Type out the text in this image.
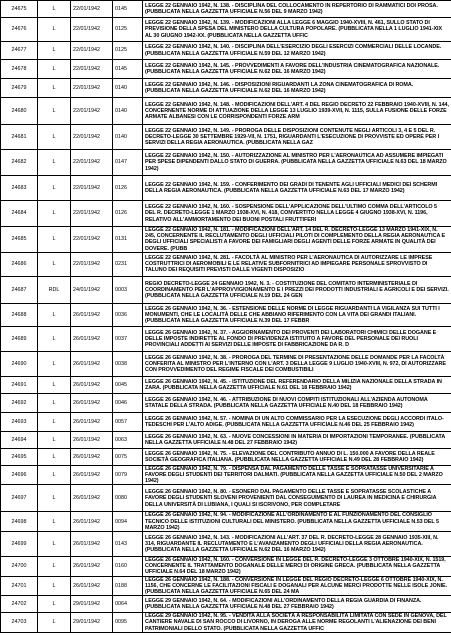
24675	L	22/01/1942	0145	LEGGE 22 GENNAIO 1942, N. 138. - DISCIPLINA DEL COLLOCAMENTO IN REPERTORIO DI RAMMATICI DOI PROSA. (PUBBLICATA NELLA GAZZETTA UFFICIALE N.56 DEL 9 MARZO 1942)
24676	L	22/01/1942	0125	LEGGE 22 GENNAIO 1942, N. 139. - MODIFICAZIONI ALLA LEGGE 6 MAGGIO 1940-XVIII, N. 461, SULLO STATO DI PREVISIONE DELLA SPESA DEL MINISTERO DELLA CULTURA POPOLARE. (PUBBLICATA NELLA 1 LUGLIO 1941-XIX AL 30 GIUGNO 1942-XX. (PUBBLICATA NELLA GAZZETTA UFFIC
24677	L	22/01/1942	0125	LEGGE 22 GENNAIO 1942, N. 140. - DISCIPLINA DELL'ESERCIZIO DEGLI ESERCIZI COMMERCIALI DELLE LOCANDE. (PUBBLICATA NELLA GAZZETTA UFFICIALE N.59 DEL 12 MARZO 1942)
24678	L	22/01/1942	0145	LEGGE 22 GENNAIO 1942, N. 145. - PROVVEDIMENTI A FAVORE DELL'INDUSTRIA CINEMATOGRAFICA NAZIONALE. (PUBBLICATA NELLA GAZZETTA UFFICIALE N.62 DEL 16 MARZO 1942)
24679	L	22/01/1942	0140	LEGGE 22 GENNAIO 1942, N. 146. - DISPOSIZIONI RIGUARDANTI LA ZONA CINEMATOGRAFICA DI ROMA. (PUBBLICATA NELLA GAZZETTA UFFICIALE N.62 DEL 16 MARZO 1942)
24680	L	22/01/1942	0140	LEGGE 22 GENNAIO 1942, N. 148. - MODIFICAZIONI DELL'ART. 4 DEL REGIO DECRETO 22 FEBBRAIO 1940-XVIII, N. 144, CONCERNENTE NORME DI ATTUAZIONE DELLA LEGGE 13 LUGLIO 1939-XVII, N. 1115, SULLA FUSIONE DELLE FORZE ARMATE ALBANESI CON LE CORRISPONDENTI FORZE ARM
24681	L	22/01/1942	0140	LEGGE 22 GENNAIO 1942, N. 149. - PROROGA DELLE DISPOSIZIONI CONTENUTE NEGLI ARTICOLI 3, 4 E 5 DEL R. DECRETO-LEGGE 30 SETTEMBRE 1929-VII, N. 1751, RIGUARDANTI L'ESECUZIONE DI PROVVISTE ED OPERE PER I SERVIZI DELLA REGIA AERONAUTICA. (PUBBLICATA NELLA GAZ
24682	L	22/01/1942	0147	LEGGE 22 GENNAIO 1942, N. 150. - AUTORIZZAZIONE AL MINISTRO PER L'AERONAUTICA AD ASSUMERE IMPIEGATI PER SPESE DIPENDENTI DALLO STATO DI GUERRA. (PUBBLICATA NELLA GAZZETTA UFFICIALE N.63 DEL 18 MARZO 1942)
24683	L	22/01/1942	0126	LEGGE 22 GENNAIO 1942, N. 159. - CONFERIMENTO DEI GRADI DI TENENTE AGLI UFFICIALI MEDICI DEI SCHERMI DELLA REGIA AERONAUTICA. (PUBBLICATA NELLA GAZZETTA UFFICIALE N.63 DEL 17 MARZO 1942)
24684	L	22/01/1942	0126	LEGGE 22 GENNAIO 1942, N. 160. - SOSPENSIONE DELL'APPLICAZIONE DELL'ULTIMO COMMA DELL'ARTICOLO 5 DEL R. DECRETO-LEGGE 1 MARZO 1938-XVI, N. 418, CONVERTITO NELLA LEGGE 4 GIUGNO 1938-XVI, N. 1196, RELATIVO ALL'AMMORTAMENTO DEI BUONI POSTALI FRUTTIFERI
24685	L	22/01/1942	0131	LEGGE 22 GENNAIO 1942, N. 181. - MODIFICAZIONI DELL'ART. 14 DEL R. DECRETO-LEGGE 13 MARZO 1941-XIX, N. 245, CONCERNENTE IL RECLUTAMENTO DEGLI UFFICIALI PILOTI DI COMPLEMENTO DELLA REGIA AERONAUTICA E DEGLI UFFICIALI SPECIALISTI A FAVORE DEI FAMIGLIARI DEGLI AGENTI DELLE FORZE ARMATE IN QUALITÀ DEI DOVERE. (PUBB
24686	L	22/01/1942	0231	LEGGE 22 GENNAIO 1942, N. 281. - FACOLTÀ AL MINISTRO PER L'AERONAUTICA DI AUTORIZZARE LE IMPRESE COSTRUTTRICI DI AEROMOBILI E LE RELATIVE SUBFORNITRICI AD IMPIEGARE PERSONALE SPROVVISTO DI TALUNO DEI REQUISITI PREVISTI DALLE VIGENTI DISPOSIZIO
24687	RDL	24/01/1942	0003	REGIO DECRETO-LEGGE 24 GENNAIO 1942, N. 3. - COSTITUZIONE DEL COMITATO INTERMINISTERIALE DI COORDINAMENTO PER L'APPROVVIGIONAMENTO E I PREZZI DEI PRODOTTI INDUSTRIALI E AGRICOLI E DEI SERVIZI. (PUBBLICATA NELLA GAZZETTA UFFICIALE N.19 DEL 24 GEN
24688	L	26/01/1942	0036	LEGGE 26 GENNAIO 1942, N. 36. - ESTENSIONE DELLE NORME DI LEGGE RIGUARDANTI LA VIGILANZA SUI TUTTI I MONUMENTI, CHE LE LOCALITÀ DELLE CHE ABBIANO RIFERIMENTO CON LA VITA DEI GRANDI ITALIANI. (PUBBLICATA NELLA GAZZETTA UFFICIALE N.39 DEL 17 FEBBR
24689	L	26/01/1942	0037	LEGGE 26 GENNAIO 1942, N. 37. - AGGIORNAMENTO DEI PROVENTI DEI LABORATORI CHIMICI DELLE DOGANE E DELLE IMPOSTE INDIRETTE AL FONDO DI PREVIDENZA ISTITUITO A FAVORE DEL PERSONALE DEI RUOLI PROVINCIALI ADDETTI AI SERVIZI DELLE IMPOSTE DI FABBRICAZIONE DA R. D
24690	L	26/01/1942	0038	LEGGE 26 GENNAIO 1942, N. 38. - PROROGA DEL TERMINE DI PRESENTAZIONE DELLE DOMANDE PER LA FACOLTÀ CONFERITA AL MINISTRO PER L'INTERNO CON L'ART. 3 DELLA LEGGE 9 LUGLIO 1940-XVIII, N. 972, DI AUTORIZZARE CON PROVVEDIMENTO DEL REGIME FISCALE DEI COMBUSTIBILI
24691	L	26/01/1942	0045	LEGGE 26 GENNAIO 1942, N. 45. - ISTITUZIONE DEL REFERENDARIO DELLA MILIZIA NAZIONALE DELLA STRADA IN ZARA. (PUBBLICATA NELLA GAZZETTA UFFICIALE N.61 DEL 18 FEBBRAIO 1942)
24692	L	26/01/1942	0046	LEGGE 26 GENNAIO 1942, N. 46. - ATTRIBUZIONE DI NUOVI COMPITI ISTITUZIONALI ALL'AZIENDA AUTONOMA STATALE DELLA STRADA. (PUBBLICATA NELLA GAZZETTA UFFICIALE N.40 DEL 18 FEBBRAIO 1942)
24693	L	26/01/1942	0057	LEGGE 26 GENNAIO 1942, N. 57. - NOMINA DI UN ALTO COMMISSARIO PER LA ESECUZIONE DEGLI ACCORDI ITALO-TEDESCHI PER L'ALTO ADIGE. (PUBBLICATA NELLA GAZZETTA UFFICIALE N.46 DEL 25 FEBBRAIO 1942)
24694	L	26/01/1942	0063	LEGGE 26 GENNAIO 1942, N. 63. - NUOVE CONCESSIONI IN MATERIA DI IMPORTAZIONI TEMPORANEE. (PUBBLICATA NELLA GAZZETTA UFFICIALE N.48 DEL 27 FEBBRAIO 1942)
24695	L	26/01/1942	0075	LEGGE 26 GENNAIO 1942, N. 75. - ELEVAZIONE DEL CONTRIBUTO ANNUO DI L. 150.000 A FAVORE DELLA REALE SOCIETÀ GEOGRAFICA ITALIANA. (PUBBLICATA NELLA GAZZETTA UFFICIALE N.49 DEL 28 FEBBRAIO 1942)
24696	L	26/01/1942	0079	LEGGE 26 GENNAIO 1942, N. 79. - DISPENSA DAL PAGAMENTO DELLE TASSE E SOPRATASSE UNIVERSITARIE A FAVORE DEGLI STUDENTI DEI TERRITORI DALMATI. (PUBBLICATA NELLA GAZZETTA UFFICIALE N.50 DEL 2 MARZO 1942)
24697	L	26/01/1942	0080	LEGGE 26 GENNAIO 1942, N. 80. - ESONERO DAL PAGAMENTO DELLE TASSE E SOPRATASSE SCOLASTICHE A FAVORE DEGLI STUDENTI SLOVENI PROVENIENTI DAL CONSEGUIMENTO DI LAUREA IN MEDICINA E CHIRURGIA DELLA UNIVERSITÀ DI LUBIANA, I QUALI SI ISCRIVONO, PER COMPLETARE
24698	L	26/01/1942	0094	LEGGE 26 GENNAIO 1942, N. 94. - MODIFICAZIONE ALL'ORDINAMENTO E AL FUNZIONAMENTO DEL CONSIGLIO TECNICO DELLE ISTITUZIONI CULTURALI DEL MINISTERO. (PUBBLICATA NELLA GAZZETTA UFFICIALE N.53 DEL 5 MARZO 1942)
24699	L	26/01/1942	0143	LEGGE 26 GENNAIO 1942, N. 143. - MODIFICAZIONI ALL'ART. 37 DEL R. DECRETO-LEGGE 28 GENNAIO 1935-XIII, N. 314, RIGUARDANTE IL RECLUTAMENTO E L'AVANZAMENTO DEGLI UFFICIALI DELLA REGIA AERONAUTICA. (PUBBLICATA NELLA GAZZETTA UFFICIALE N.62 DEL 16 MARZO 1942)
24700	L	26/01/1942	0160	LEGGE 26 GENNAIO 1942, N. 160. - CONVERSIONE IN LEGGE DEL R. DECRETO-LEGGE 3 OTTOBRE 1940-XIX, N. 1519, CONCERNENTE IL TRATTAMENTO DOGANALE DELLE MERCI DI ORIGINE GRECA. (PUBBLICATA NELLA GAZZETTA UFFICIALE N.64 DEL 18 MARZO 1942)
24701	L	26/01/1942	0188	LEGGE 26 GENNAIO 1942, N. 188. - CONVERSIONE IN LEGGE DEL REGIO DECRETO-LEGGE 6 OTTOBRE 1940-XIX, N. 1156, CHE CONCERNE LE FACILITAZIONI FISCALI E DOGANALI PER ALCUNE MERCI PRODOTTE NELLE ISOLE JONIE. (PUBBLICATA NELLA GAZZETTA UFFICIALE N.65 DEL 24 MA
24702	L	29/01/1942	0064	LEGGE 29 GENNAIO 1942, N. 64. - MODIFICAZIONI ALL'ORDINAMENTO DELLA REGIA GUARDIA DI FINANZA. (PUBBLICATA NELLA GAZZETTA UFFICIALE N.48 DEL 27 FEBBRAIO 1942)
24703	L	29/01/1942	0095	LEGGE 29 GENNAIO 1942, N. 95. - VENDITA ALLA SOCIETÀ A RESPONSABILITÀ LIMITATA CON SEDE IN GENOVA, DEL CANTIERE NAVALE DI SAN ROCCO DI LIVORNO, IN DEROGA ALLE NORME REGOLANTI L'ALIENAZIONE DEI BENI PATRIMONIALI DELLO STATO. (PUBBLICATA NELLA GAZZETTA UFFIC
